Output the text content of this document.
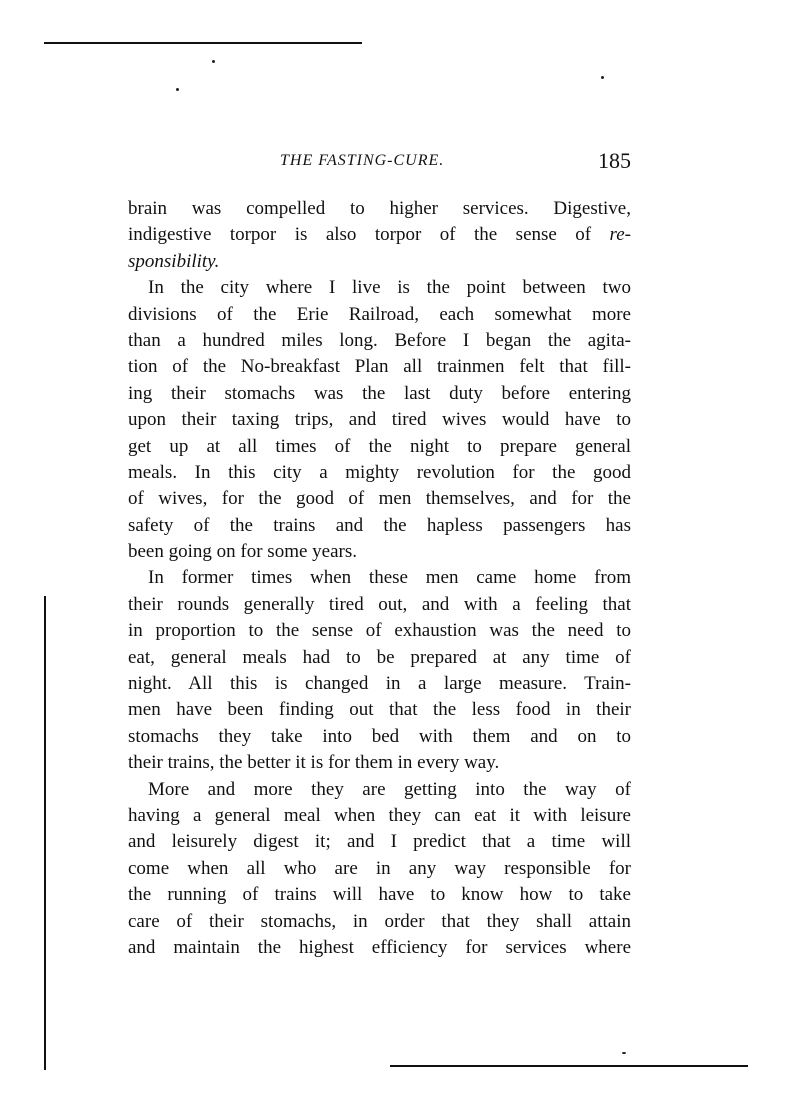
THE FASTING-CURE.	185
brain was compelled to higher services. Digestive,
indigestive torpor is also torpor of the sense of re-
sponsibility.
In the city where I live is the point between two
divisions of the Erie Railroad, each somewhat more
than a hundred miles long. Before I began the agita-
tion of the No-breakfast Plan all trainmen felt that fill-
ing their stomachs was the last duty before entering
upon their taxing trips, and tired wives would have to
get up at all times of the night to prepare general
meals. In this city a mighty revolution for the good
of wives, for the good of men themselves, and for the
safety of the trains and the hapless passengers has
been going on for some years.
In former times when these men came home from
their rounds generally tired out, and with a feeling that
in proportion to the sense of exhaustion was the need to
eat, general meals had to be prepared at any time of
night. All this is changed in a large measure. Train-
men have been finding out that the less food in their
stomachs they take into bed with them and on to
their trains, the better it is for them in every way.
More and more they are getting into the way of
having a general meal when they can eat it with leisure
and leisurely digest it; and I predict that a time will
come when all who are in any way responsible for
the running of trains will have to know how to take
care of their stomachs, in order that they shall attain
and maintain the highest efficiency for services where
